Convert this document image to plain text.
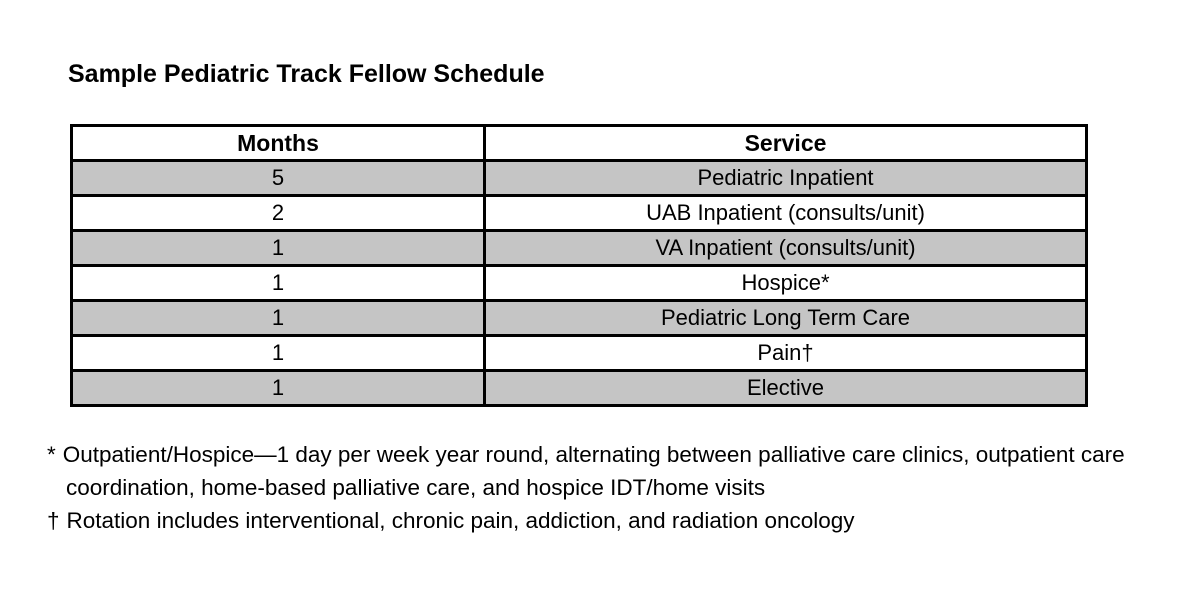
Sample Pediatric Track Fellow Schedule
Months	Service
5	Pediatric Inpatient
2	UAB Inpatient (consults/unit)
1	VA Inpatient (consults/unit)
1	Hospice*
1	Pediatric Long Term Care
1	Pain†
1	Elective
* Outpatient/Hospice—1 day per week year round, alternating between palliative care clinics, outpatient care coordination, home-based palliative care, and hospice IDT/home visits
† Rotation includes interventional, chronic pain, addiction, and radiation oncology
